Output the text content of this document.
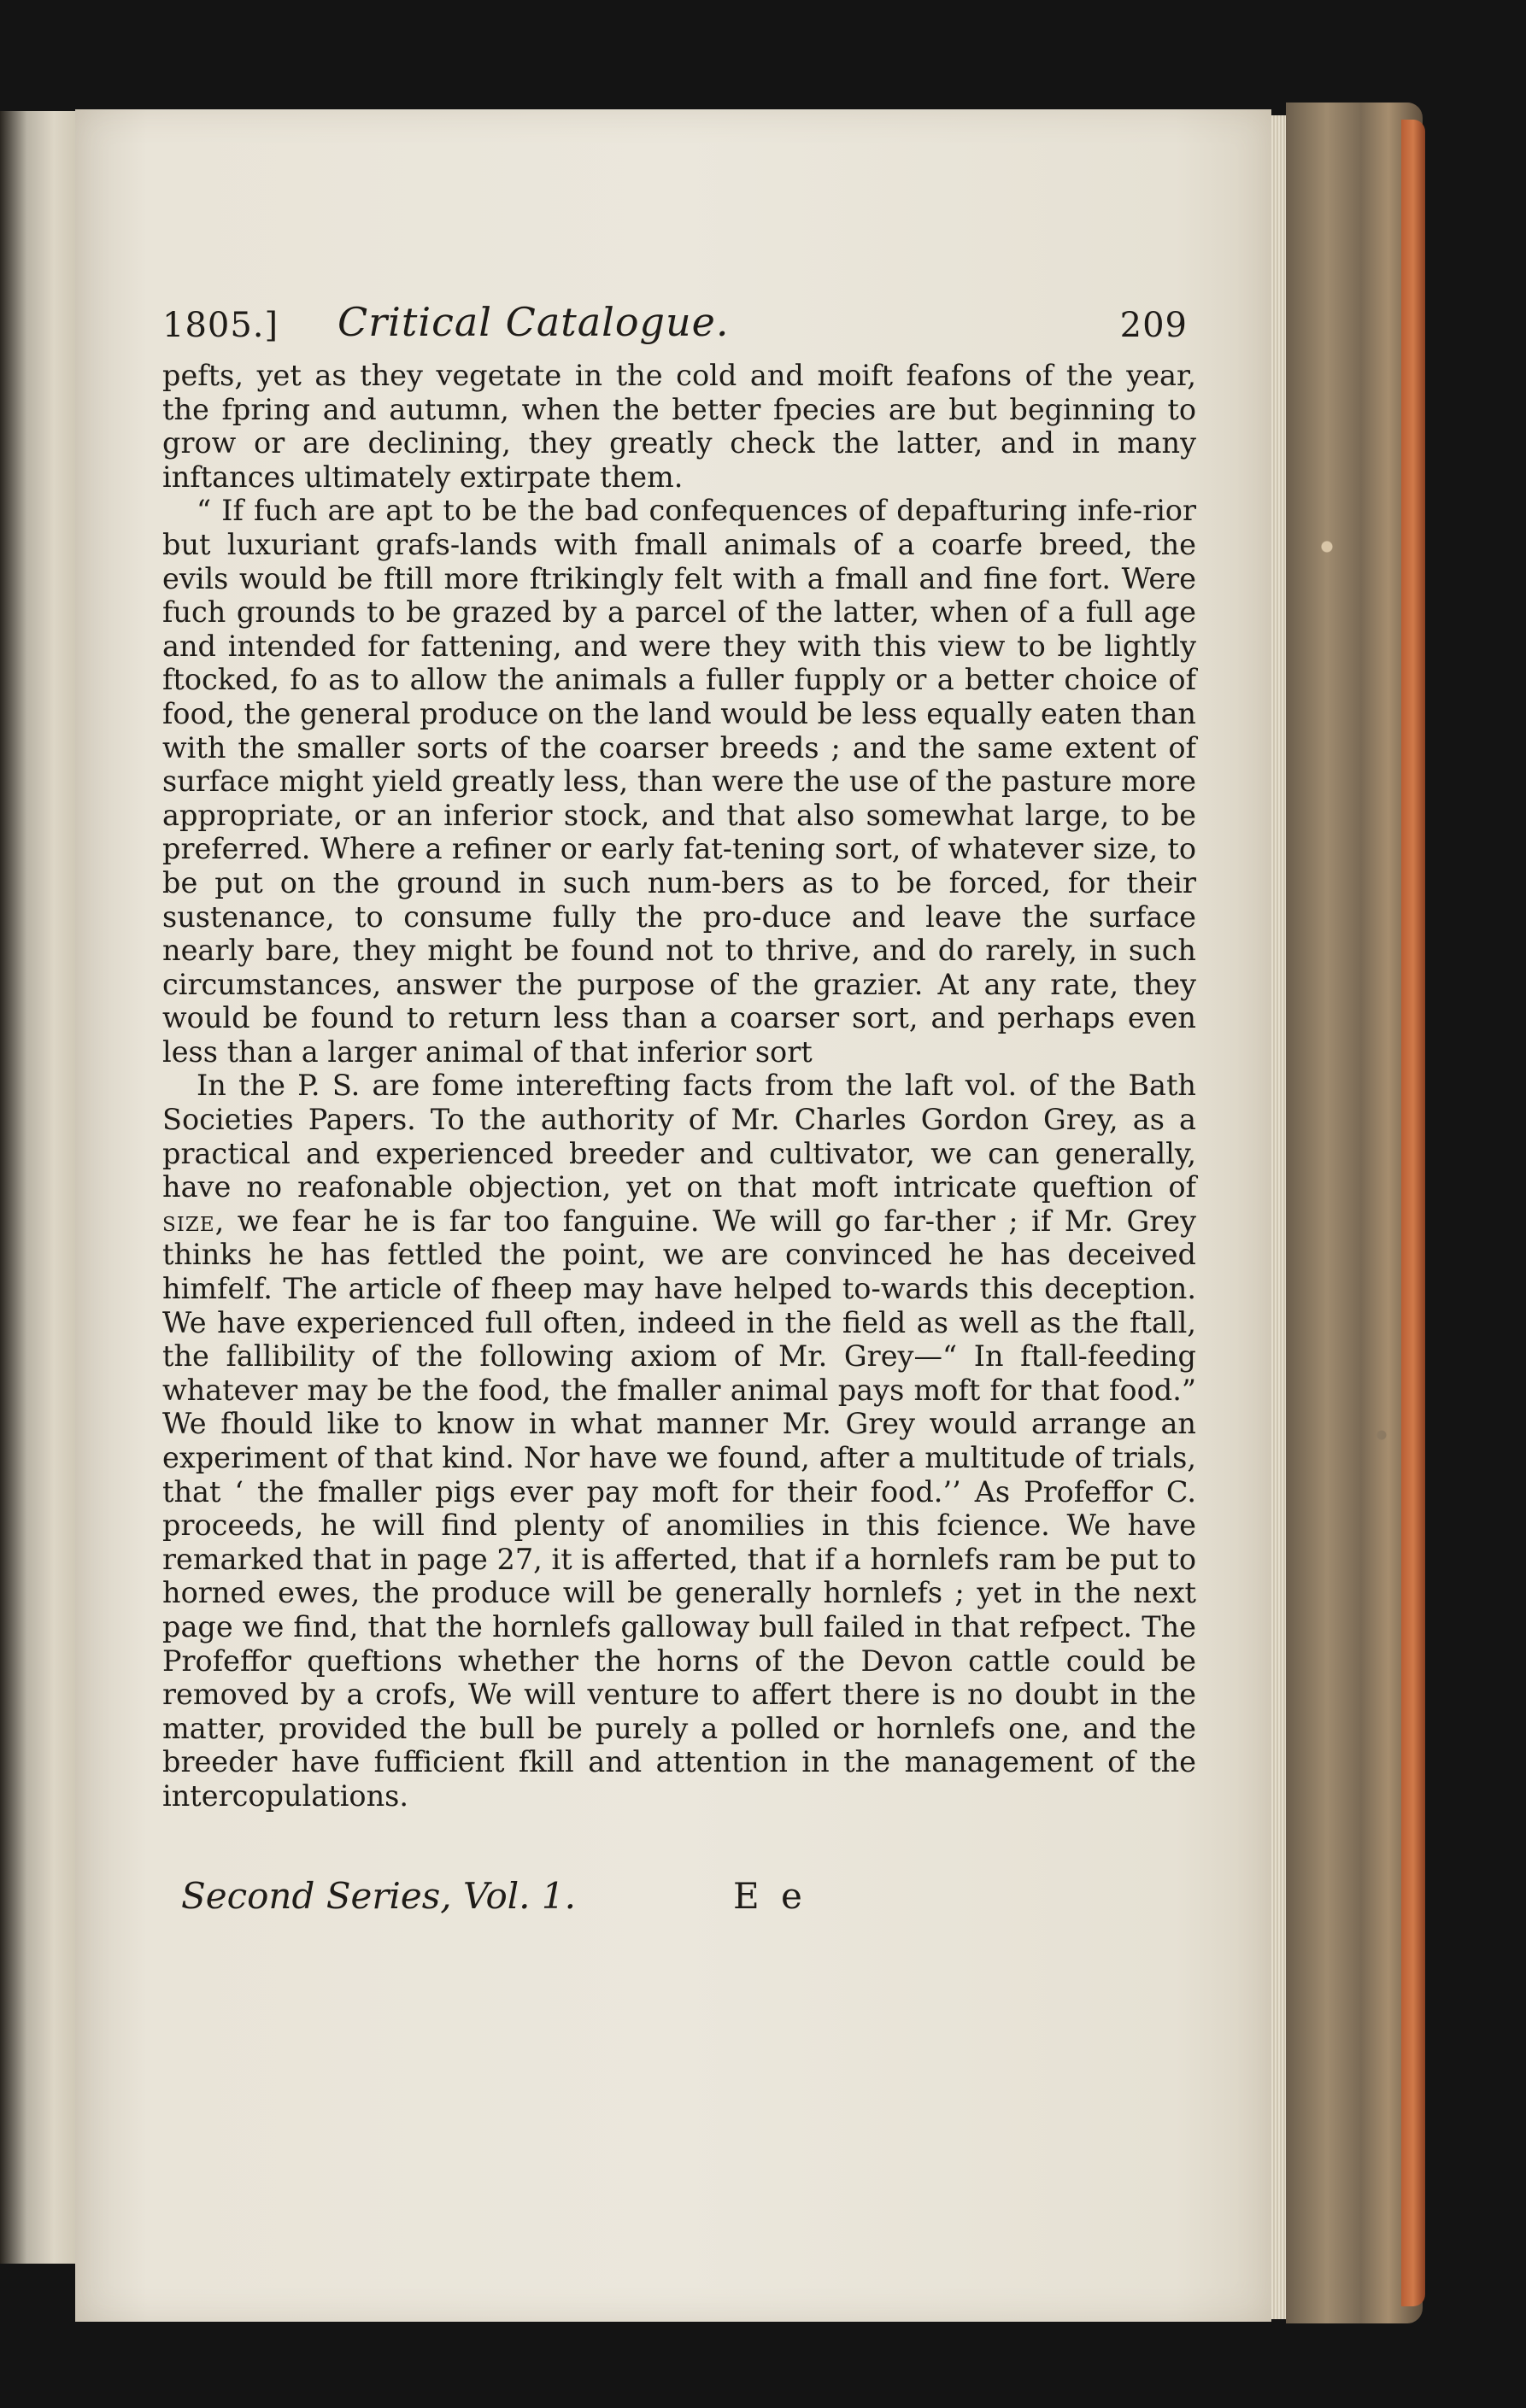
1805.] Critical Catalogue.	209

pefts, yet as they vegetate in the cold and moift feafons of the year, the fpring and autumn, when the better fpecies are but beginning to grow or are declining, they greatly check the latter, and in many inftances ultimately extirpate them.

“ If fuch are apt to be the bad confequences of depafturing infe-rior but luxuriant grafs-lands with fmall animals of a coarfe breed, the evils would be ftill more ftrikingly felt with a fmall and fine fort. Were fuch grounds to be grazed by a parcel of the latter, when of a full age and intended for fattening, and were they with this view to be lightly ftocked, fo as to allow the animals a fuller fupply or a better choice of food, the general produce on the land would be less equally eaten than with the smaller sorts of the coarser breeds ; and the same extent of surface might yield greatly less, than were the use of the pasture more appropriate, or an inferior stock, and that also somewhat large, to be preferred. Where a refiner or early fat-tening sort, of whatever size, to be put on the ground in such num-bers as to be forced, for their sustenance, to consume fully the pro-duce and leave the surface nearly bare, they might be found not to thrive, and do rarely, in such circumstances, answer the purpose of the grazier. At any rate, they would be found to return less than a coarser sort, and perhaps even less than a larger animal of that inferior sort

In the P. S. are fome interefting facts from the laft vol. of the Bath Societies Papers. To the authority of Mr. Charles Gordon Grey, as a practical and experienced breeder and cultivator, we can generally, have no reafonable objection, yet on that moft intricate queftion of size, we fear he is far too fanguine. We will go far-ther ; if Mr. Grey thinks he has fettled the point, we are convinced he has deceived himfelf. The article of fheep may have helped to-wards this deception. We have experienced full often, indeed in the field as well as the ftall, the fallibility of the following axiom of Mr. Grey—“ In ftall-feeding whatever may be the food, the fmaller animal pays moft for that food.” We fhould like to know in what manner Mr. Grey would arrange an experiment of that kind. Nor have we found, after a multitude of trials, that ‘ the fmaller pigs ever pay moft for their food.’’ As Profeffor C. proceeds, he will find plenty of anomilies in this fcience. We have remarked that in page 27, it is afferted, that if a hornlefs ram be put to horned ewes, the produce will be generally hornlefs ; yet in the next page we find, that the hornlefs galloway bull failed in that refpect. The Profeffor queftions whether the horns of the Devon cattle could be removed by a crofs, We will venture to affert there is no doubt in the matter, provided the bull be purely a polled or hornlefs one, and the breeder have fufficient fkill and attention in the management of the intercopulations.

Second Series, Vol. 1.	E e
